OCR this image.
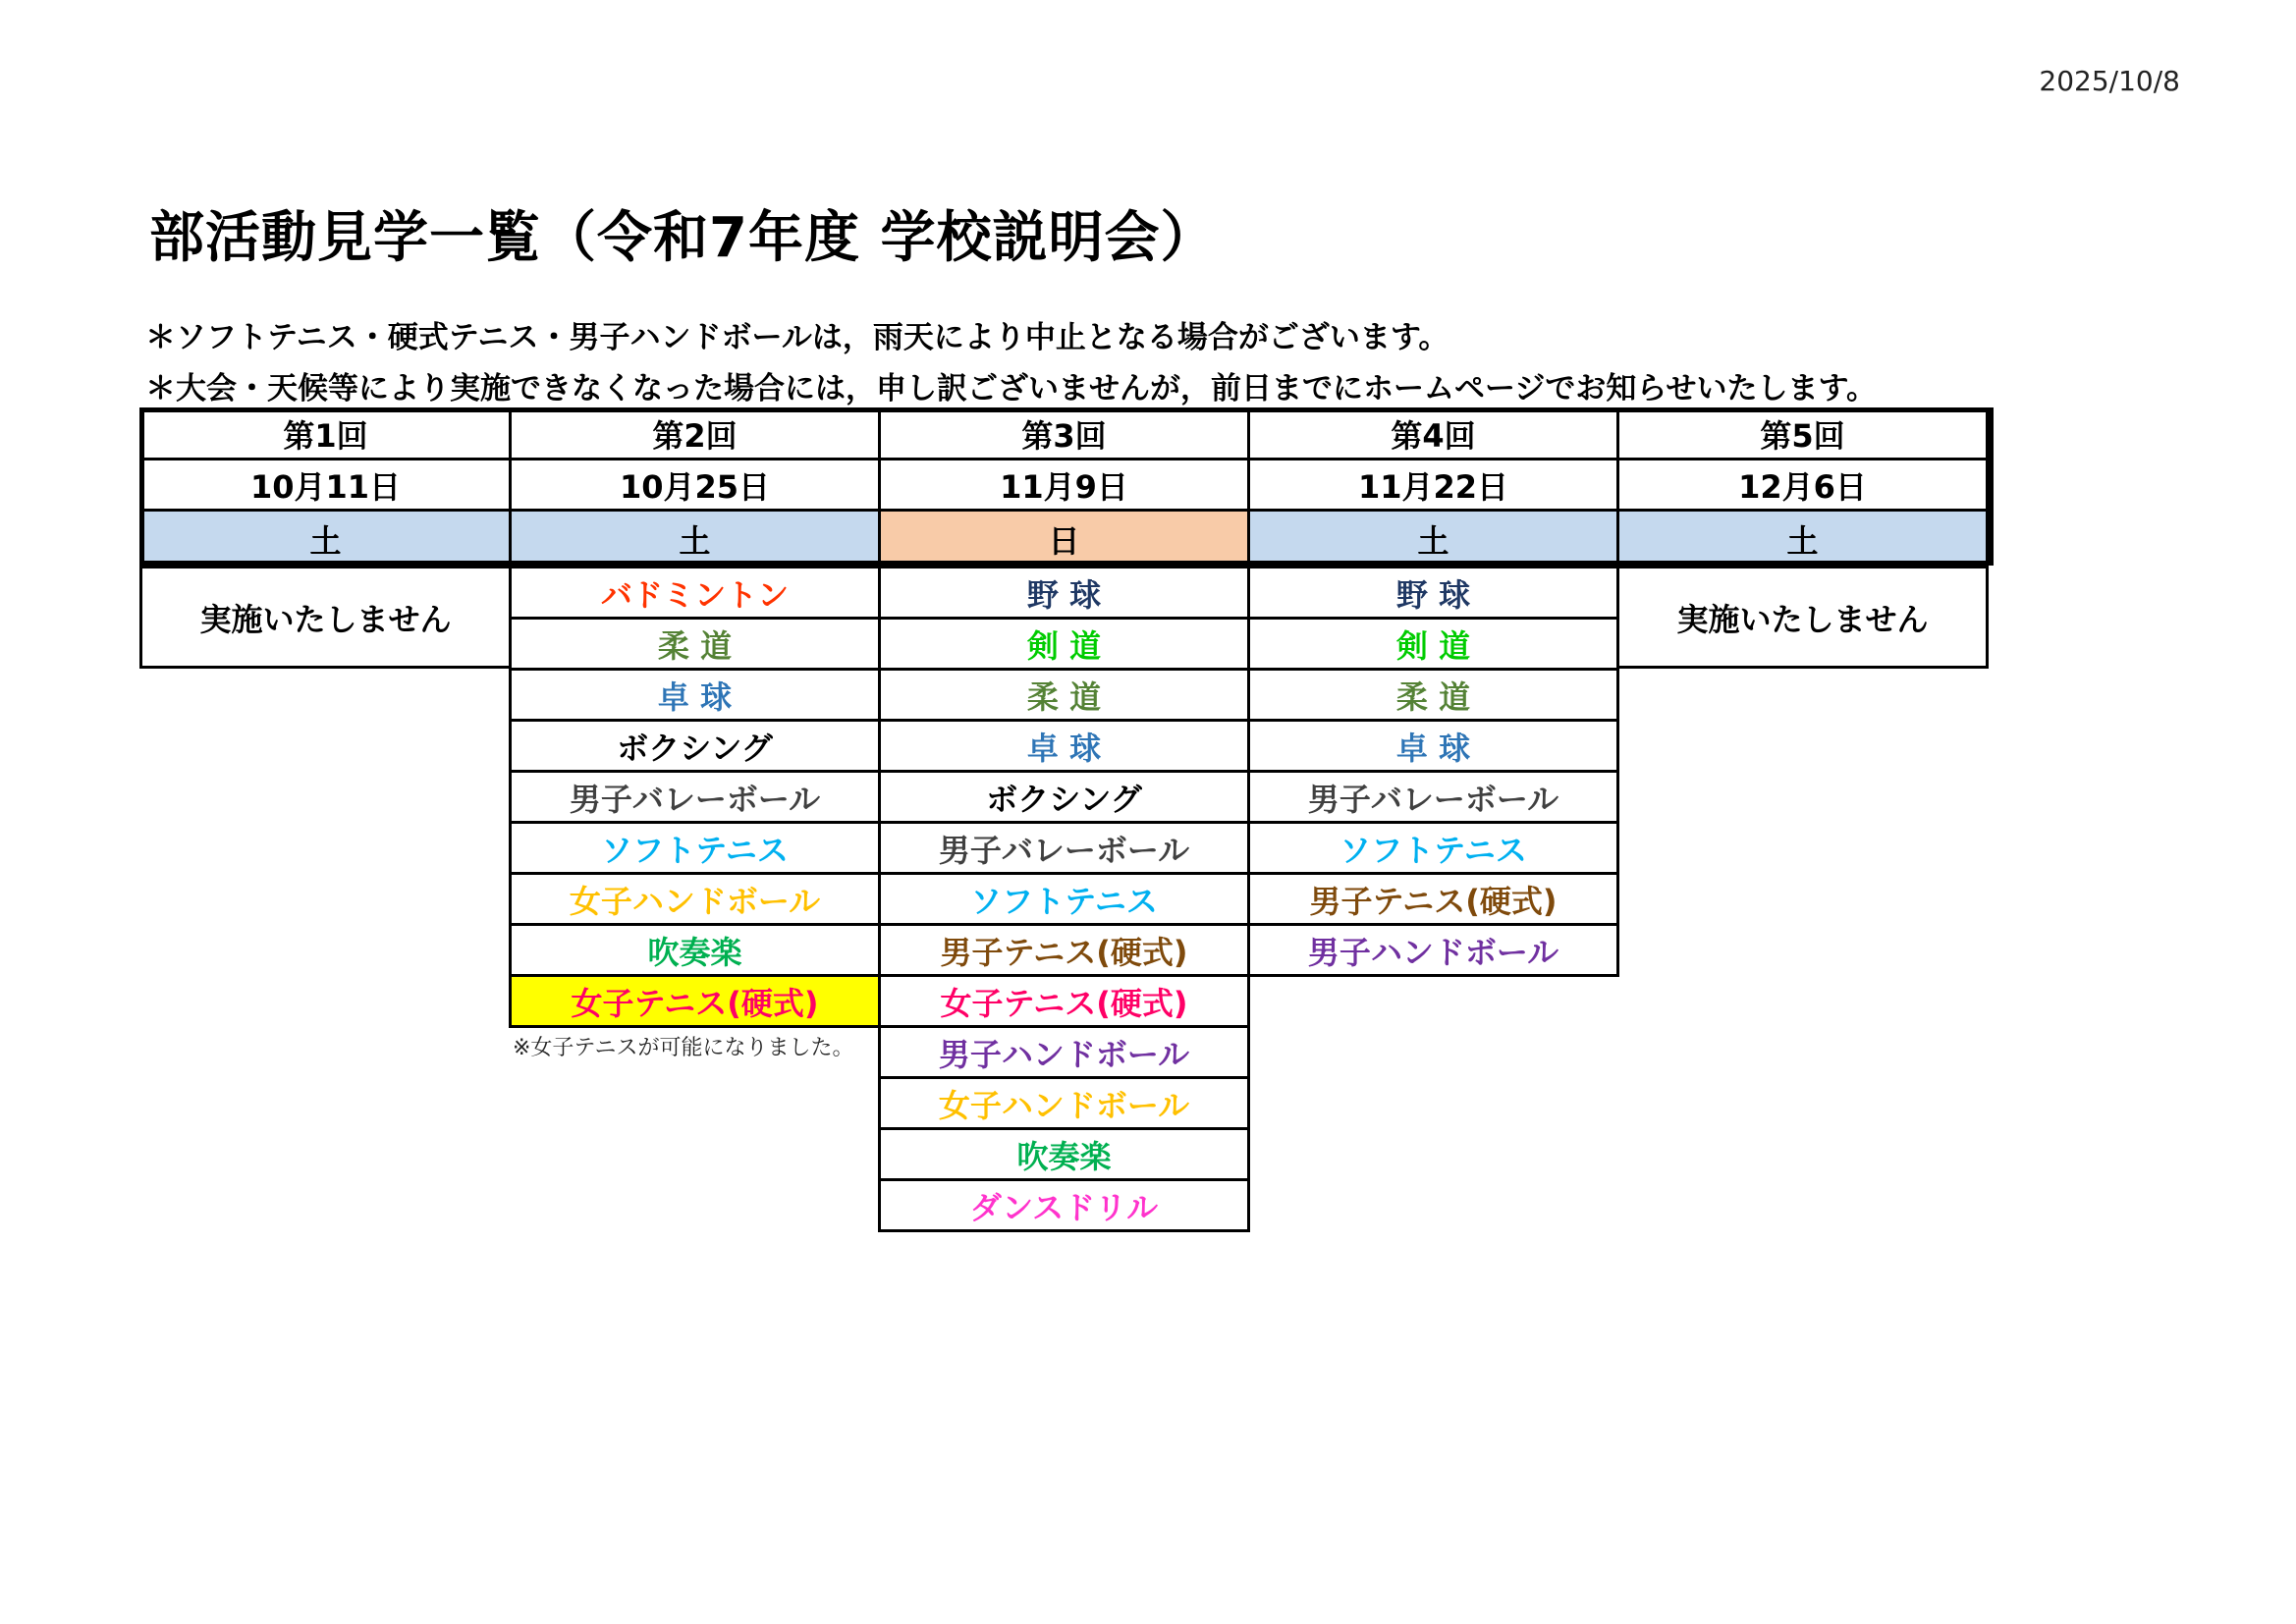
2025/10/8
部活動見学一覧（令和7年度 学校説明会）
＊ソフトテニス・硬式テニス・男子ハンドボールは，雨天により中止となる場合がございます。
＊大会・天候等により実施できなくなった場合には，申し訳ございませんが，前日までにホームページでお知らせいたします。
第1回
10月11日
土
実施いたしません
第2回
10月25日
土
バドミントン
柔 道
卓 球
ボクシング
男子バレーボール
ソフトテニス
女子ハンドボール
吹奏楽
女子テニス(硬式)
第3回
11月9日
日
野 球
剣 道
柔 道
卓 球
ボクシング
男子バレーボール
ソフトテニス
男子テニス(硬式)
女子テニス(硬式)
男子ハンドボール
女子ハンドボール
吹奏楽
ダンスドリル
第4回
11月22日
土
野 球
剣 道
柔 道
卓 球
男子バレーボール
ソフトテニス
男子テニス(硬式)
男子ハンドボール
第5回
12月6日
土
実施いたしません
※女子テニスが可能になりました。
